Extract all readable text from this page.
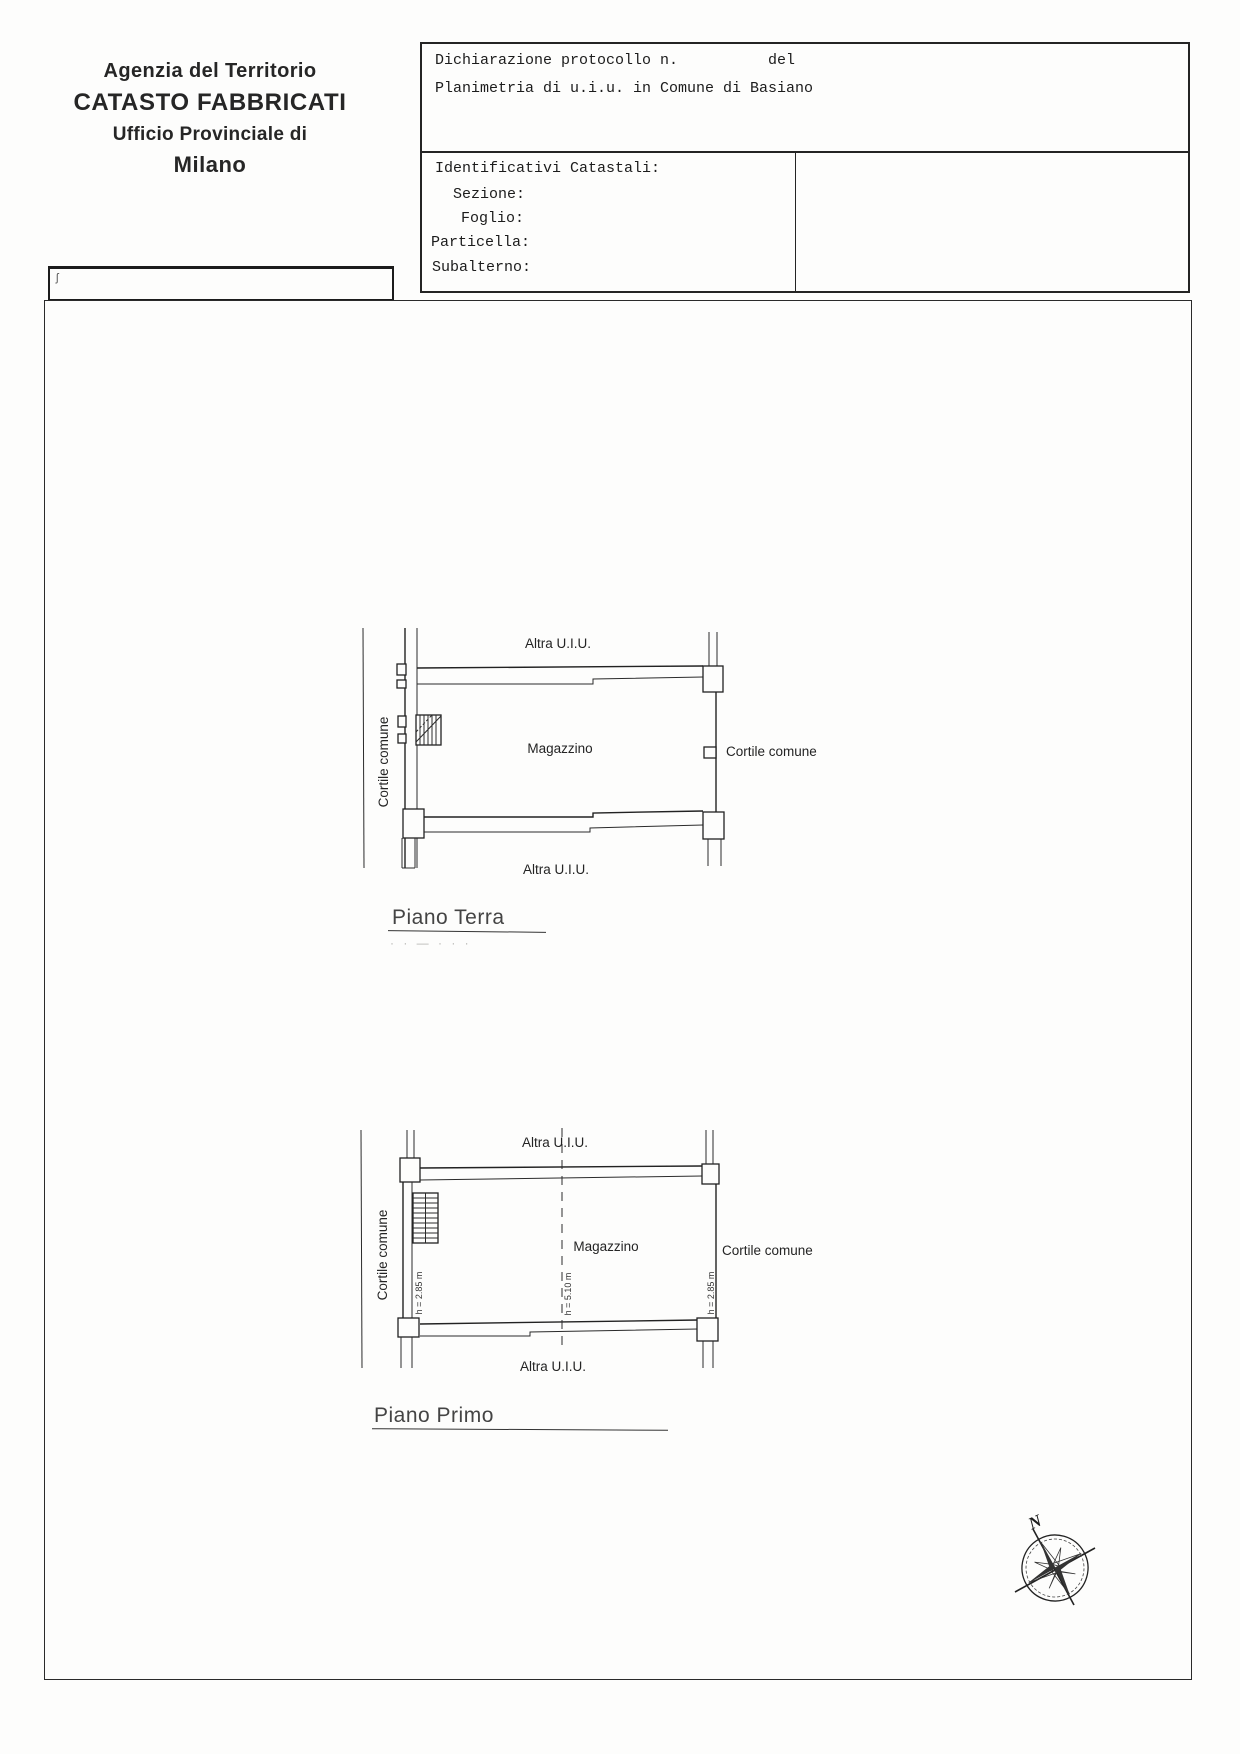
Agenzia del Territorio
CATASTO FABBRICATI
Ufficio Provinciale di
Milano
Dichiarazione protocollo n.	del
Planimetria di u.i.u. in Comune di Basiano
Identificativi Catastali:
Sezione:
Foglio:
Particella:
Subalterno:
ʃ
Altra U.I.U.
Magazzino	Cortile comune
Cortile comune
Altra U.I.U.
Piano Terra
· · — · · ·
Altra U.I.U.
Magazzino	Cortile comune
Cortile comune
Altra U.I.U.
h = 2.85 m	h = 5.10 m	h = 2.85 m
Piano Primo
N
